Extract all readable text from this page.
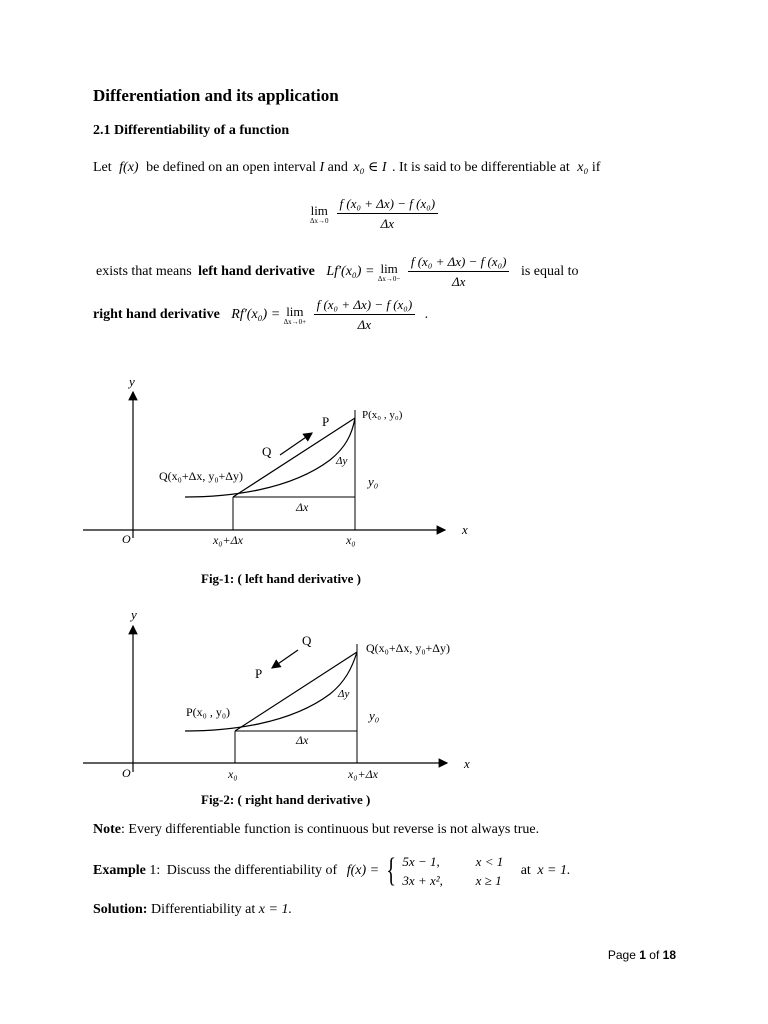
Differentiation and its application
2.1 Differentiability of a function
Let f(x) be defined on an open interval I and x₀ ∈ I . It is said to be differentiable at x₀ if
lim
Δx→0
$\frac{\text{f (x₀ + Δx) − f (x₀)}}{\Delta x}$
exists that means left hand derivative Lf′(x₀) = lim
Δx→0−
$\frac{\text{f (x₀ + Δx) − f (x₀)}}{\Delta x}$ is equal to
right hand derivative Rf′(x₀) = lim
Δx→0+
$\frac{\text{f (x₀ + Δx) − f (x₀)}}{\Delta x}$ .
y
x
O
P(x₀ , y₀)
P
Q
Q(x₀+Δx, y₀+Δy)
Δy
y₀
Δx
x₀+Δx	x₀
y
x
O
Q	Q(x₀+Δx, y₀+Δy)
P
P(x₀ , y₀)
Δy
y₀
Δx
x₀	x₀+Δx
Fig-1: ( left hand derivative )
Fig-2: ( right hand derivative )
Note: Every differentiable function is continuous but reverse is not always true.
Example 1: Discuss the differentiability of f(x) = { 5x − 1,	x < 1
3x + x²,	x ≥ 1
at x = 1.
Solution: Differentiability at x = 1.
Page 1 of 18
